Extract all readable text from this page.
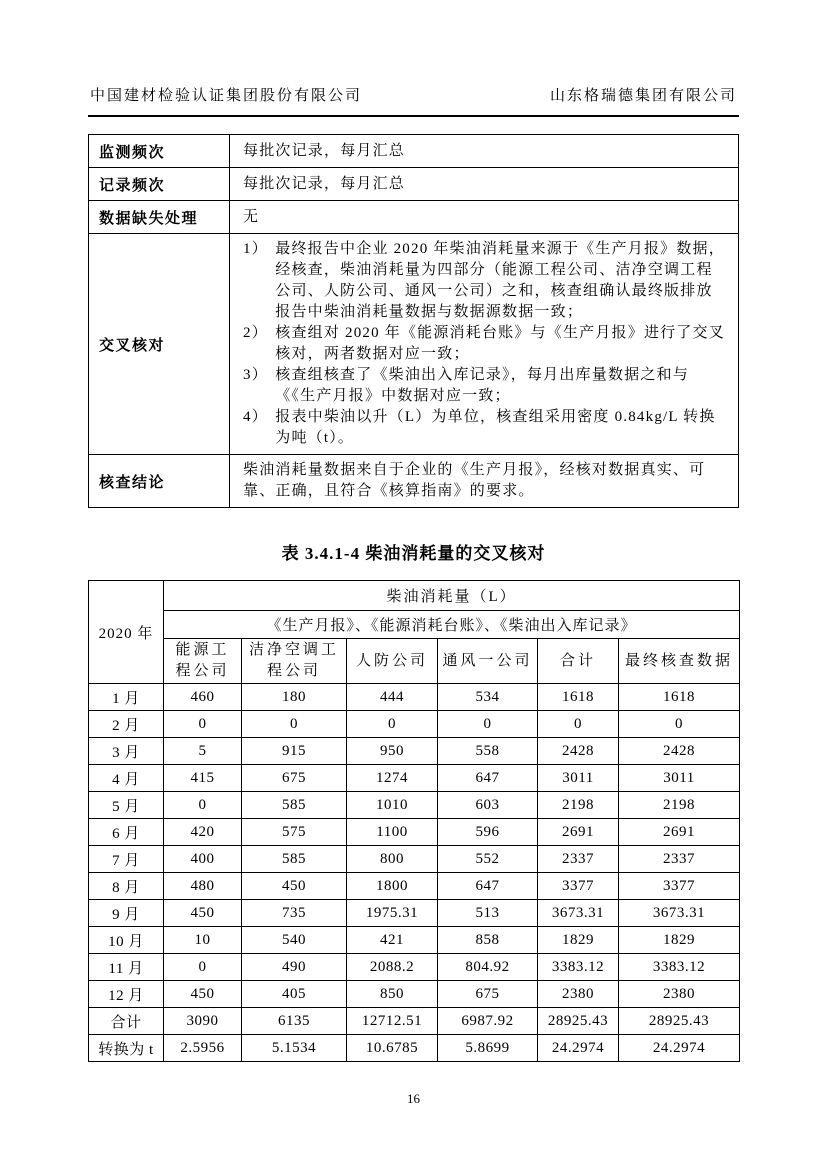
中国建材检验认证集团股份有限公司	山东格瑞德集团有限公司
监测频次	每批次记录，每月汇总
记录频次	每批次记录，每月汇总
数据缺失处理	无
交叉核对	
1） 最终报告中企业 2020 年柴油消耗量来源于《生产月报》数据，经核查，柴油消耗量为四部分（能源工程公司、洁净空调工程公司、人防公司、通风一公司）之和，核查组确认最终版排放报告中柴油消耗量数据与数据源数据一致；
2） 核查组对 2020 年《能源消耗台账》与《生产月报》进行了交叉核对，两者数据对应一致；
3） 核查组核查了《柴油出入库记录》，每月出库量数据之和与《《生产月报》中数据对应一致；
4） 报表中柴油以升（L）为单位，核查组采用密度 0.84kg/L 转换为吨（t）。

核查结论	柴油消耗量数据来自于企业的《生产月报》，经核对数据真实、可靠、正确，且符合《核算指南》的要求。
表 3.4.1-4 柴油消耗量的交叉核对
2020 年	柴油消耗量（L）					
	《生产月报》、《能源消耗台账》、《柴油出入库记录》					
	能源工程公司	洁净空调工程公司	人防公司	通风一公司	合计	最终核查数据
1 月	460	180	444	534	1618	1618
2 月	0	0	0	0	0	0
3 月	5	915	950	558	2428	2428
4 月	415	675	1274	647	3011	3011
5 月	0	585	1010	603	2198	2198
6 月	420	575	1100	596	2691	2691
7 月	400	585	800	552	2337	2337
8 月	480	450	1800	647	3377	3377
9 月	450	735	1975.31	513	3673.31	3673.31
10 月	10	540	421	858	1829	1829
11 月	0	490	2088.2	804.92	3383.12	3383.12
12 月	450	405	850	675	2380	2380
合计	3090	6135	12712.51	6987.92	28925.43	28925.43
转换为 t	2.5956	5.1534	10.6785	5.8699	24.2974	24.2974
16
